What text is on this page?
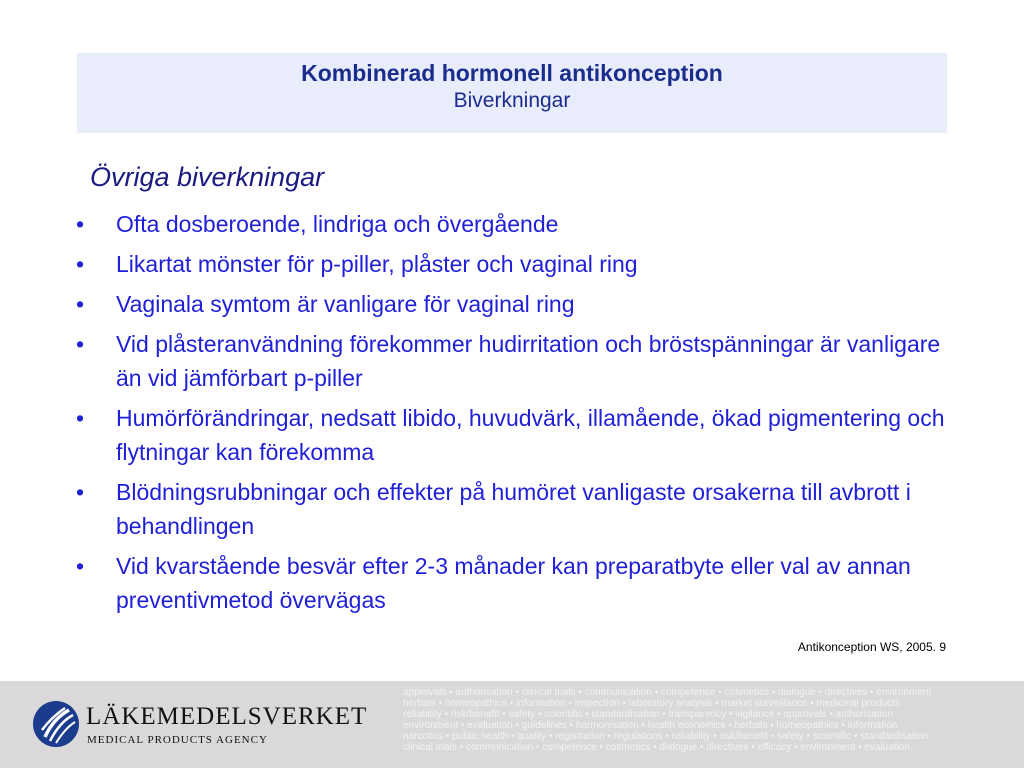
Kombinerad hormonell antikonception
Biverkningar
Övriga biverkningar
•	Ofta dosberoende, lindriga och övergående
•	Likartat mönster för p-piller, plåster och vaginal ring
•	Vaginala symtom är vanligare för vaginal ring
•	Vid plåsteranvändning förekommer hudirritation och bröstspänningar är vanligare än vid jämförbart p-piller
•	Humörförändringar, nedsatt libido, huvudvärk, illamående, ökad pigmentering och flytningar kan förekomma
•	Blödningsrubbningar och effekter på humöret vanligaste orsakerna till avbrott i behandlingen
•	Vid kvarstående besvär efter 2-3 månader kan preparatbyte eller val av annan preventivmetod övervägas
Antikonception WS, 2005. 9
LÄKEMEDELSVERKET
MEDICAL PRODUCTS AGENCY
approvals • authorisation • clinical trials • communication • competence • cosmetics • dialogue • directives • environment
herbals • homeopathics • information • inspection • laboratory analysis • market surveillance • medicinal products
reliability • risk/benefit • safety • scientific • standardisation • transparency • vigilance • approvals • authorisation
environment • evaluation • guidelines • harmonisation • health economics • herbals • homeopathics • information
narcotics • public health • quality • registration • regulations • reliability • risk/benefit • safety • scientific • standardisation
clinical trials • communication • competence • cosmetics • dialogue • directives • efficacy • environment • evaluation
